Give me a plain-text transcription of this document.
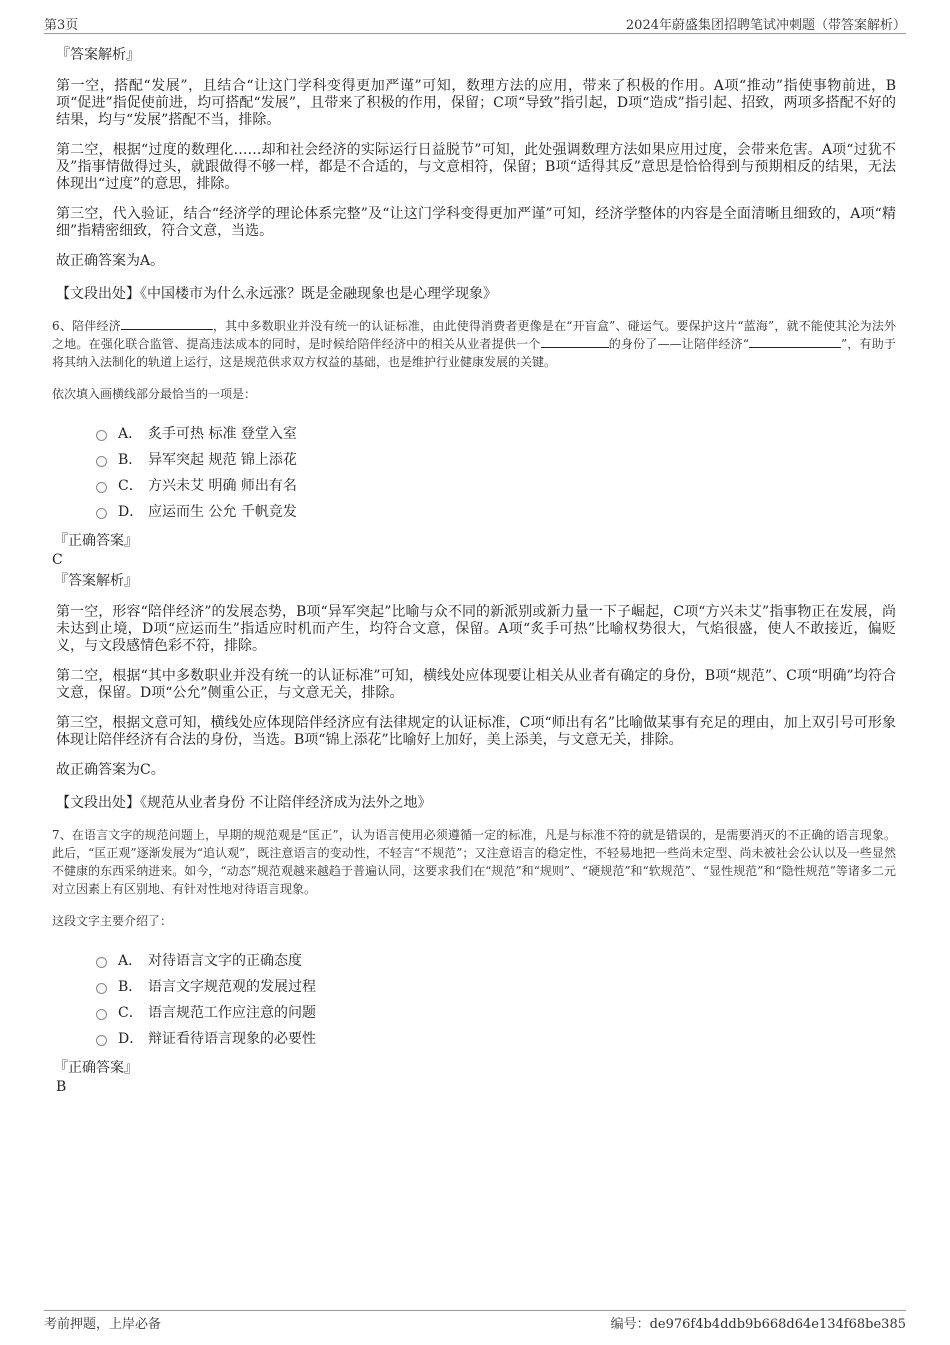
第3页	2024年蔚盛集团招聘笔试冲刺题（带答案解析）
『答案解析』

第一空，搭配“发展”，且结合“让这门学科变得更加严谨”可知，数理方法的应用，带来了积极的作用。A项“推动”指使事物前进，B项“促进”指促使前进，均可搭配“发展”，且带来了积极的作用，保留；C项“导致”指引起，D项“造成”指引起、招致，两项多搭配不好的结果，均与“发展”搭配不当，排除。

第二空，根据“过度的数理化……却和社会经济的实际运行日益脱节”可知，此处强调数理方法如果应用过度，会带来危害。A项“过犹不及”指事情做得过头，就跟做得不够一样，都是不合适的，与文意相符，保留；B项“适得其反”意思是恰恰得到与预期相反的结果，无法体现出“过度”的意思，排除。

第三空，代入验证，结合“经济学的理论体系完整”及“让这门学科变得更加严谨”可知，经济学整体的内容是全面清晰且细致的，A项“精细”指精密细致，符合文意，当选。

故正确答案为A。

【文段出处】《中国楼市为什么永远涨？既是金融现象也是心理学现象》
6、陪伴经济	，其中多数职业并没有统一的认证标准，由此使得消费者更像是在“开盲盒”、碰运气。要保护这片“蓝海”，就不能使其沦为法外之地。在强化联合监管、提高违法成本的同时，是时候给陪伴经济中的相关从业者提供一个	的身份了——让陪伴经济“	”，有助于将其纳入法制化的轨道上运行，这是规范供求双方权益的基础，也是维护行业健康发展的关键。
依次填入画横线部分最恰当的一项是：
A． 炙手可热 标准 登堂入室
B． 异军突起 规范 锦上添花
C． 方兴未艾 明确 师出有名
D． 应运而生 公允 千帆竞发
『正确答案』
C
『答案解析』

第一空，形容“陪伴经济”的发展态势，B项“异军突起”比喻与众不同的新派别或新力量一下子崛起，C项“方兴未艾”指事物正在发展，尚未达到止境，D项“应运而生”指适应时机而产生，均符合文意，保留。A项“炙手可热”比喻权势很大，气焰很盛，使人不敢接近，偏贬义，与文段感情色彩不符，排除。

第二空，根据“其中多数职业并没有统一的认证标准”可知，横线处应体现要让相关从业者有确定的身份，B项“规范”、C项“明确”均符合文意，保留。D项“公允”侧重公正，与文意无关，排除。

第三空，根据文意可知，横线处应体现陪伴经济应有法律规定的认证标准，C项“师出有名”比喻做某事有充足的理由，加上双引号可形象体现让陪伴经济有合法的身份，当选。B项“锦上添花”比喻好上加好，美上添美，与文意无关，排除。

故正确答案为C。

【文段出处】《规范从业者身份 不让陪伴经济成为法外之地》
7、在语言文字的规范问题上，早期的规范观是“匡正”，认为语言使用必须遵循一定的标准，凡是与标准不符的就是错误的，是需要消灭的不正确的语言现象。此后，“匡正观”逐渐发展为“追认观”，既注意语言的变动性，不轻言“不规范”；又注意语言的稳定性，不轻易地把一些尚未定型、尚未被社会公认以及一些显然不健康的东西采纳进来。如今，“动态”规范观越来越趋于普遍认同，这要求我们在“规范”和“规则”、“硬规范”和“软规范”、“显性规范”和“隐性规范”等诸多二元对立因素上有区别地、有针对性地对待语言现象。
这段文字主要介绍了：
A． 对待语言文字的正确态度
B． 语言文字规范观的发展过程
C． 语言规范工作应注意的问题
D． 辩证看待语言现象的必要性
『正确答案』
B
考前押题，上岸必备	编号：de976f4b4ddb9b668d64e134f68be385
